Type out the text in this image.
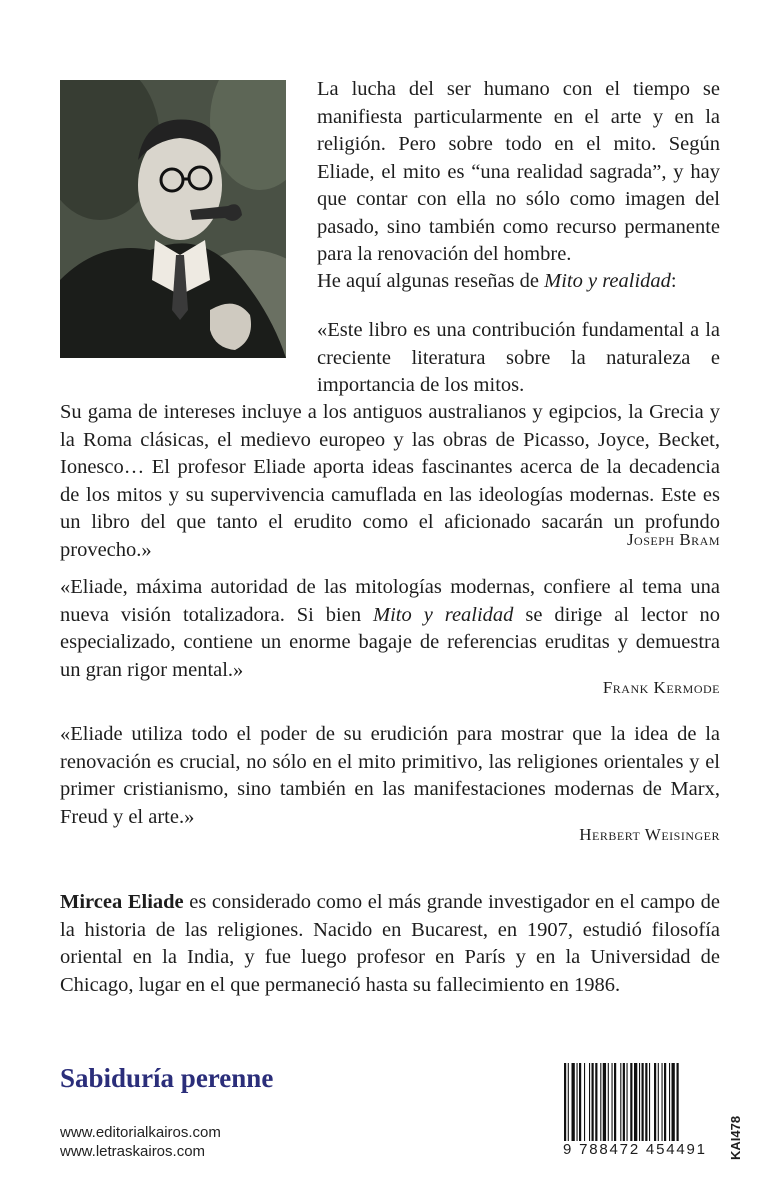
La lucha del ser humano con el tiempo se manifiesta particularmente en el arte y en la religión. Pero sobre todo en el mito. Según Eliade, el mito es “una realidad sagrada”, y hay que contar con ella no sólo como imagen del pasado, sino también como recurso permanente para la renovación del hombre.

He aquí algunas reseñas de Mito y realidad:

«Este libro es una contribución fundamental a la creciente literatura sobre la naturaleza e importancia de los mitos.

Su gama de intereses incluye a los antiguos australianos y egipcios, la Grecia y la Roma clásicas, el medievo europeo y las obras de Picasso, Joyce, Becket, Ionesco… El profesor Eliade aporta ideas fascinantes acerca de la decadencia de los mitos y su supervivencia camuflada en las ideologías modernas. Este es un libro del que tanto el erudito como el aficionado sacarán un profundo provecho.»	Joseph Bram

«Eliade, máxima autoridad de las mitologías modernas, confiere al tema una nueva visión totalizadora. Si bien Mito y realidad se dirige al lector no especializado, contiene un enorme bagaje de referencias eruditas y demuestra un gran rigor mental.»

Frank Kermode

«Eliade utiliza todo el poder de su erudición para mostrar que la idea de la renovación es crucial, no sólo en el mito primitivo, las religiones orientales y el primer cristianismo, sino también en las manifestaciones modernas de Marx, Freud y el arte.»

Herbert Weisinger

Mircea Eliade es considerado como el más grande investigador en el campo de la historia de las religiones. Nacido en Bucarest, en 1907, estudió filosofía oriental en la India, y fue luego profesor en París y en la Universidad de Chicago, lugar en el que permaneció hasta su fallecimiento en 1986.

Sabiduría perenne
www.editorialkairos.com
www.letraskairos.com	9 788472 454491	KAI478
